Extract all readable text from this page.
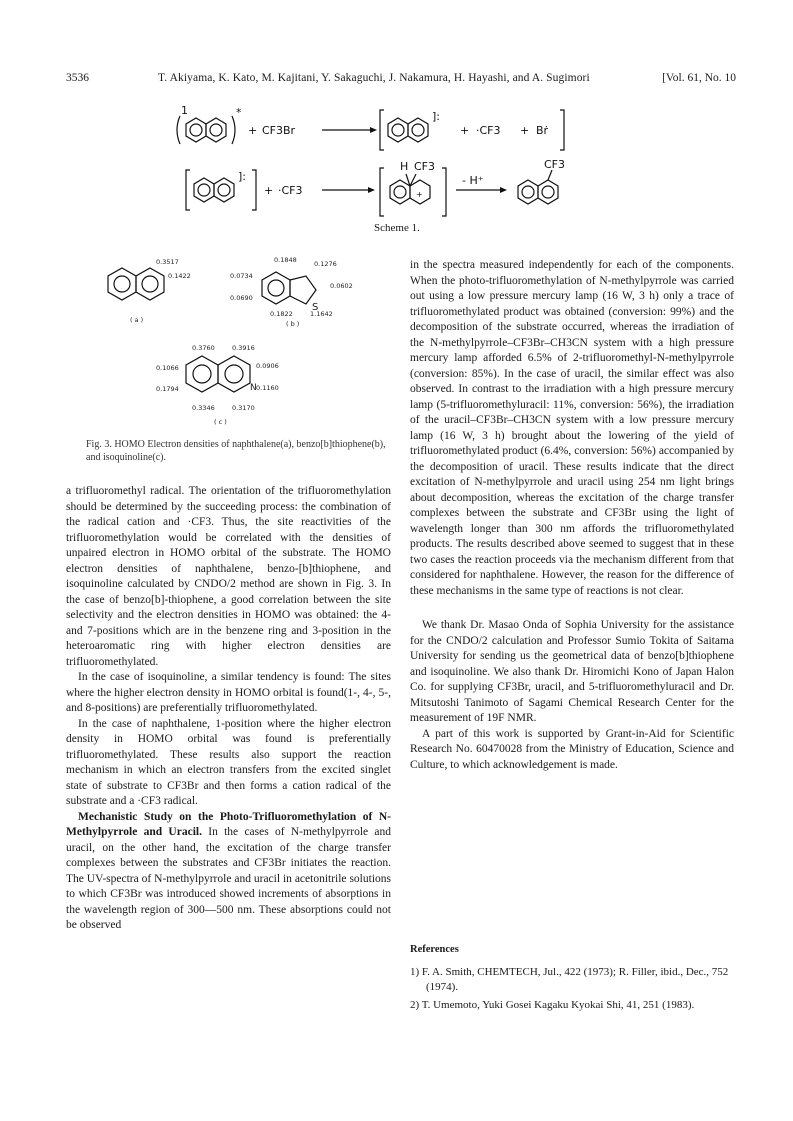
3536	T. Akiyama, K. Kato, M. Kajitani, Y. Sakaguchi, J. Nakamura, H. Hayashi, and A. Sugimori	[Vol. 61, No. 10
1	*
+ CF3Br
]:
+ ·CF3 + Bṙ
]:
+ ·CF3	+
H CF3
- H⁺
CF3
Scheme 1.
0.3517
0.1422
( a )
S
0.1848	0.1276
0.0734
0.0602
0.0690
0.1822	1.1642
( b )
N
0.3760	0.3916
0.1066	0.0906
0.1794	0.1160
0.3346	0.3170
( c )
Fig. 3. HOMO Electron densities of naphthalene(a), benzo[b]thiophene(b), and isoquinoline(c).

a trifluoromethyl radical. The orientation of the trifluoromethylation should be determined by the succeeding process: the combination of the radical cation and ·CF3. Thus, the site reactivities of the trifluoromethylation would be correlated with the densities of unpaired electron in HOMO orbital of the substrate. The HOMO electron densities of naphthalene, benzo-[b]thiophene, and isoquinoline calculated by CNDO/2 method are shown in Fig. 3. In the case of benzo[b]-thiophene, a good correlation between the site selectivity and the electron densities in HOMO was obtained: the 4- and 7-positions which are in the benzene ring and 3-position in the heteroaromatic ring with higher electron densities are trifluoromethylated.

In the case of isoquinoline, a similar tendency is found: The sites where the higher electron density in HOMO orbital is found(1-, 4-, 5-, and 8-positions) are preferentially trifluoromethylated.

In the case of naphthalene, 1-position where the higher electron density in HOMO orbital was found is preferentially trifluoromethylated. These results also support the reaction mechanism in which an electron transfers from the excited singlet state of substrate to CF3Br and then forms a cation radical of the substrate and a ·CF3 radical.

Mechanistic Study on the Photo-Trifluoromethylation of N-Methylpyrrole and Uracil. In the cases of N-methylpyrrole and uracil, on the other hand, the excitation of the charge transfer complexes between the substrates and CF3Br initiates the reaction. The UV-spectra of N-methylpyrrole and uracil in acetonitrile solutions to which CF3Br was introduced showed increments of absorptions in the wavelength region of 300—500 nm. These absorptions could not be observed

in the spectra measured independently for each of the components. When the photo-trifluoromethylation of N-methylpyrrole was carried out using a low pressure mercury lamp (16 W, 3 h) only a trace of trifluoromethylated product was obtained (conversion: 99%) and the decomposition of the substrate occurred, whereas the irradiation of the N-methylpyrrole–CF3Br–CH3CN system with a high pressure mercury lamp afforded 6.5% of 2-trifluoromethyl-N-methylpyrrole (conversion: 85%). In the case of uracil, the similar effect was also observed. In contrast to the irradiation with a high pressure mercury lamp (5-trifluoromethyluracil: 11%, conversion: 56%), the irradiation of the uracil–CF3Br–CH3CN system with a low pressure mercury lamp (16 W, 3 h) brought about the lowering of the yield of trifluoromethylated product (6.4%, conversion: 56%) accompanied by the decomposition of uracil. These results indicate that the direct excitation of N-methylpyrrole and uracil using 254 nm light brings about decomposition, whereas the excitation of the charge transfer complexes between the substrate and CF3Br using the light of wavelength longer than 300 nm affords the trifluoromethylated products. The results described above seemed to suggest that in these two cases the reaction proceeds via the mechanism different from that considered for naphthalene. However, the reason for the difference of these mechanisms in the same type of reactions is not clear.

We thank Dr. Masao Onda of Sophia University for the assistance for the CNDO/2 calculation and Professor Sumio Tokita of Saitama University for sending us the geometrical data of benzo[b]thiophene and isoquinoline. We also thank Dr. Hiromichi Kono of Japan Halon Co. for supplying CF3Br, uracil, and 5-trifluoromethyluracil and Dr. Mitsutoshi Tanimoto of Sagami Chemical Research Center for the measurement of 19F NMR.

A part of this work is supported by Grant-in-Aid for Scientific Research No. 60470028 from the Ministry of Education, Science and Culture, to which acknowledgement is made.

References
1) F. A. Smith, CHEMTECH, Jul., 422 (1973); R. Filler, ibid., Dec., 752 (1974).
2) T. Umemoto, Yuki Gosei Kagaku Kyokai Shi, 41, 251 (1983).
